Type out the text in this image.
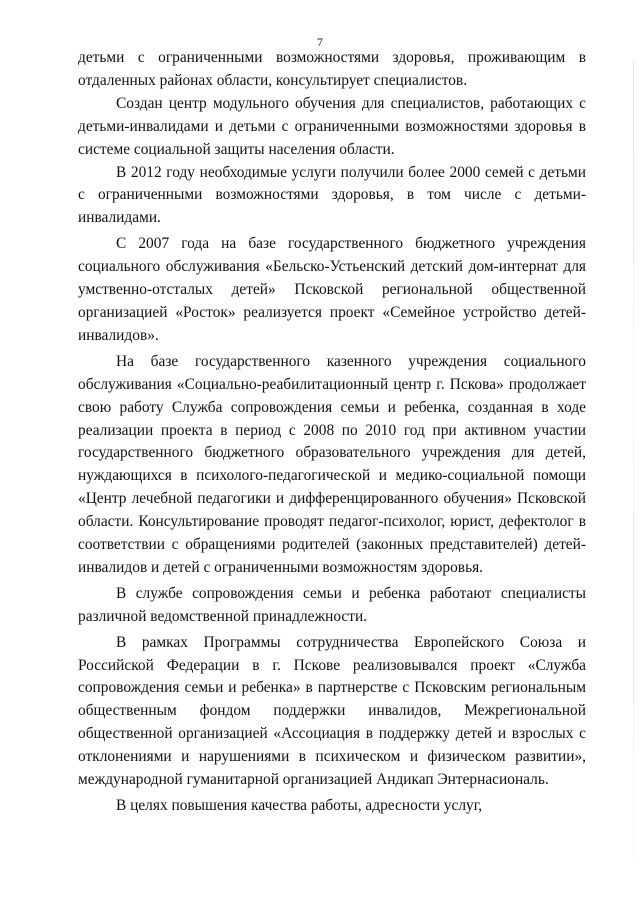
7

детьми с ограниченными возможностями здоровья, проживающим в отдаленных районах области, консультирует специалистов.

Создан центр модульного обучения для специалистов, работающих с детьми-инвалидами и детьми с ограниченными возможностями здоровья в системе социальной защиты населения области.

В 2012 году необходимые услуги получили более 2000 семей с детьми с ограниченными возможностями здоровья, в том числе с детьми-инвалидами.

С 2007 года на базе государственного бюджетного учреждения социального обслуживания «Бельско-Устьенский детский дом-интернат для умственно-отсталых детей» Псковской региональной общественной организацией «Росток» реализуется проект «Семейное устройство детей-инвалидов».

На базе государственного казенного учреждения социального обслуживания «Социально-реабилитационный центр г. Пскова» продолжает свою работу Служба сопровождения семьи и ребенка, созданная в ходе реализации проекта в период с 2008 по 2010 год при активном участии государственного бюджетного образовательного учреждения для детей, нуждающихся в психолого-педагогической и медико-социальной помощи «Центр лечебной педагогики и дифференцированного обучения» Псковской области. Консультирование проводят педагог-психолог, юрист, дефектолог в соответствии с обращениями родителей (законных представителей) детей-инвалидов и детей с ограниченными возможностям здоровья.

В службе сопровождения семьи и ребенка работают специалисты различной ведомственной принадлежности.

В рамках Программы сотрудничества Европейского Союза и Российской Федерации в г. Пскове реализовывался проект «Служба сопровождения семьи и ребенка» в партнерстве с Псковским региональным общественным фондом поддержки инвалидов, Межрегиональной общественной организацией «Ассоциация в поддержку детей и взрослых с отклонениями и нарушениями в психическом и физическом развитии», международной гуманитарной организацией Андикап Энтернасиональ.

В целях повышения качества работы, адресности услуг,
